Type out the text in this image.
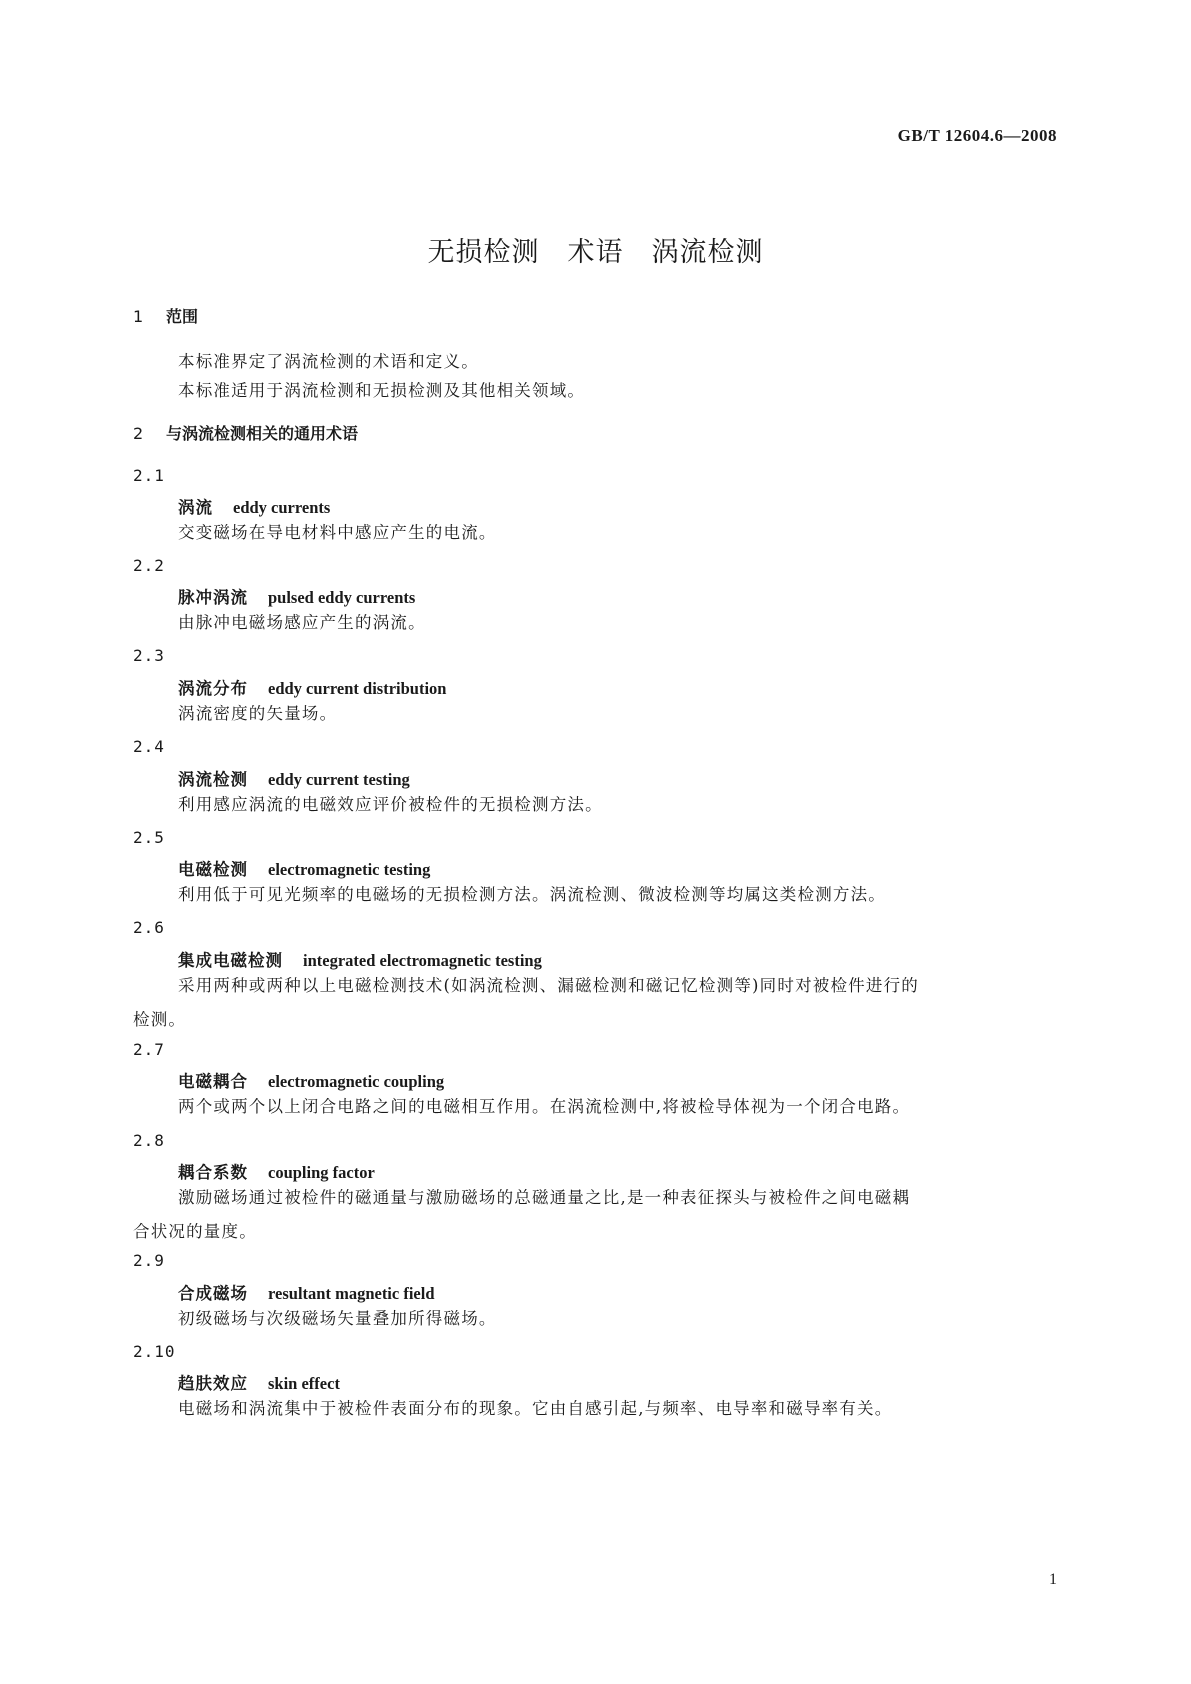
GB/T 12604.6—2008
无损检测　术语　涡流检测
1 范围
本标准界定了涡流检测的术语和定义。
本标准适用于涡流检测和无损检测及其他相关领域。
2 与涡流检测相关的通用术语
2.1
涡流 eddy currents
交变磁场在导电材料中感应产生的电流。
2.2
脉冲涡流 pulsed eddy currents
由脉冲电磁场感应产生的涡流。
2.3
涡流分布 eddy current distribution
涡流密度的矢量场。
2.4
涡流检测 eddy current testing
利用感应涡流的电磁效应评价被检件的无损检测方法。
2.5
电磁检测 electromagnetic testing
利用低于可见光频率的电磁场的无损检测方法。涡流检测、微波检测等均属这类检测方法。
2.6
集成电磁检测 integrated electromagnetic testing
采用两种或两种以上电磁检测技术(如涡流检测、漏磁检测和磁记忆检测等)同时对被检件进行的
检测。
2.7
电磁耦合 electromagnetic coupling
两个或两个以上闭合电路之间的电磁相互作用。在涡流检测中,将被检导体视为一个闭合电路。
2.8
耦合系数 coupling factor
激励磁场通过被检件的磁通量与激励磁场的总磁通量之比,是一种表征探头与被检件之间电磁耦
合状况的量度。
2.9
合成磁场 resultant magnetic field
初级磁场与次级磁场矢量叠加所得磁场。
2.10
趋肤效应 skin effect
电磁场和涡流集中于被检件表面分布的现象。它由自感引起,与频率、电导率和磁导率有关。
1
